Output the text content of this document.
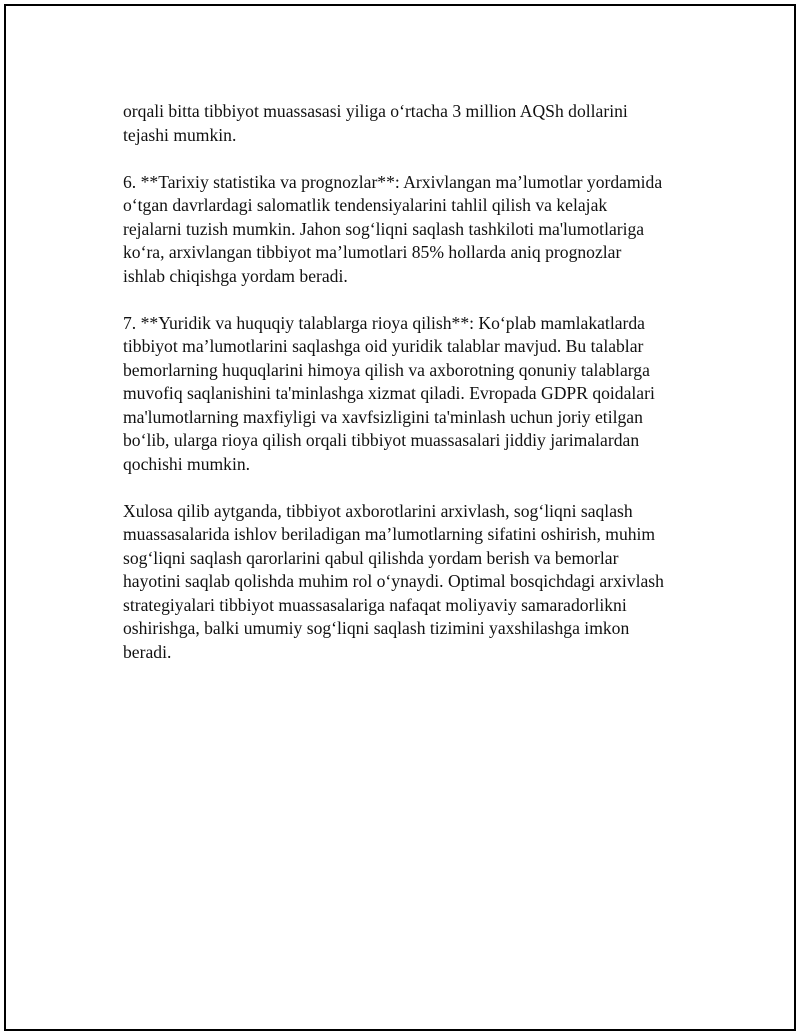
orqali bitta tibbiyot muassasasi yiliga o‘rtacha 3 million AQSh dollarini
tejashi mumkin.

6. **Tarixiy statistika va prognozlar**: Arxivlangan ma’lumotlar yordamida
o‘tgan davrlardagi salomatlik tendensiyalarini tahlil qilish va kelajak
rejalarni tuzish mumkin. Jahon sog‘liqni saqlash tashkiloti ma'lumotlariga
ko‘ra, arxivlangan tibbiyot ma’lumotlari 85% hollarda aniq prognozlar
ishlab chiqishga yordam beradi.

7. **Yuridik va huquqiy talablarga rioya qilish**: Ko‘plab mamlakatlarda
tibbiyot ma’lumotlarini saqlashga oid yuridik talablar mavjud. Bu talablar
bemorlarning huquqlarini himoya qilish va axborotning qonuniy talablarga
muvofiq saqlanishini ta'minlashga xizmat qiladi. Evropada GDPR qoidalari
ma'lumotlarning maxfiyligi va xavfsizligini ta'minlash uchun joriy etilgan
bo‘lib, ularga rioya qilish orqali tibbiyot muassasalari jiddiy jarimalardan
qochishi mumkin.

Xulosa qilib aytganda, tibbiyot axborotlarini arxivlash, sog‘liqni saqlash
muassasalarida ishlov beriladigan ma’lumotlarning sifatini oshirish, muhim
sog‘liqni saqlash qarorlarini qabul qilishda yordam berish va bemorlar
hayotini saqlab qolishda muhim rol o‘ynaydi. Optimal bosqichdagi arxivlash
strategiyalari tibbiyot muassasalariga nafaqat moliyaviy samaradorlikni
oshirishga, balki umumiy sog‘liqni saqlash tizimini yaxshilashga imkon
beradi.
